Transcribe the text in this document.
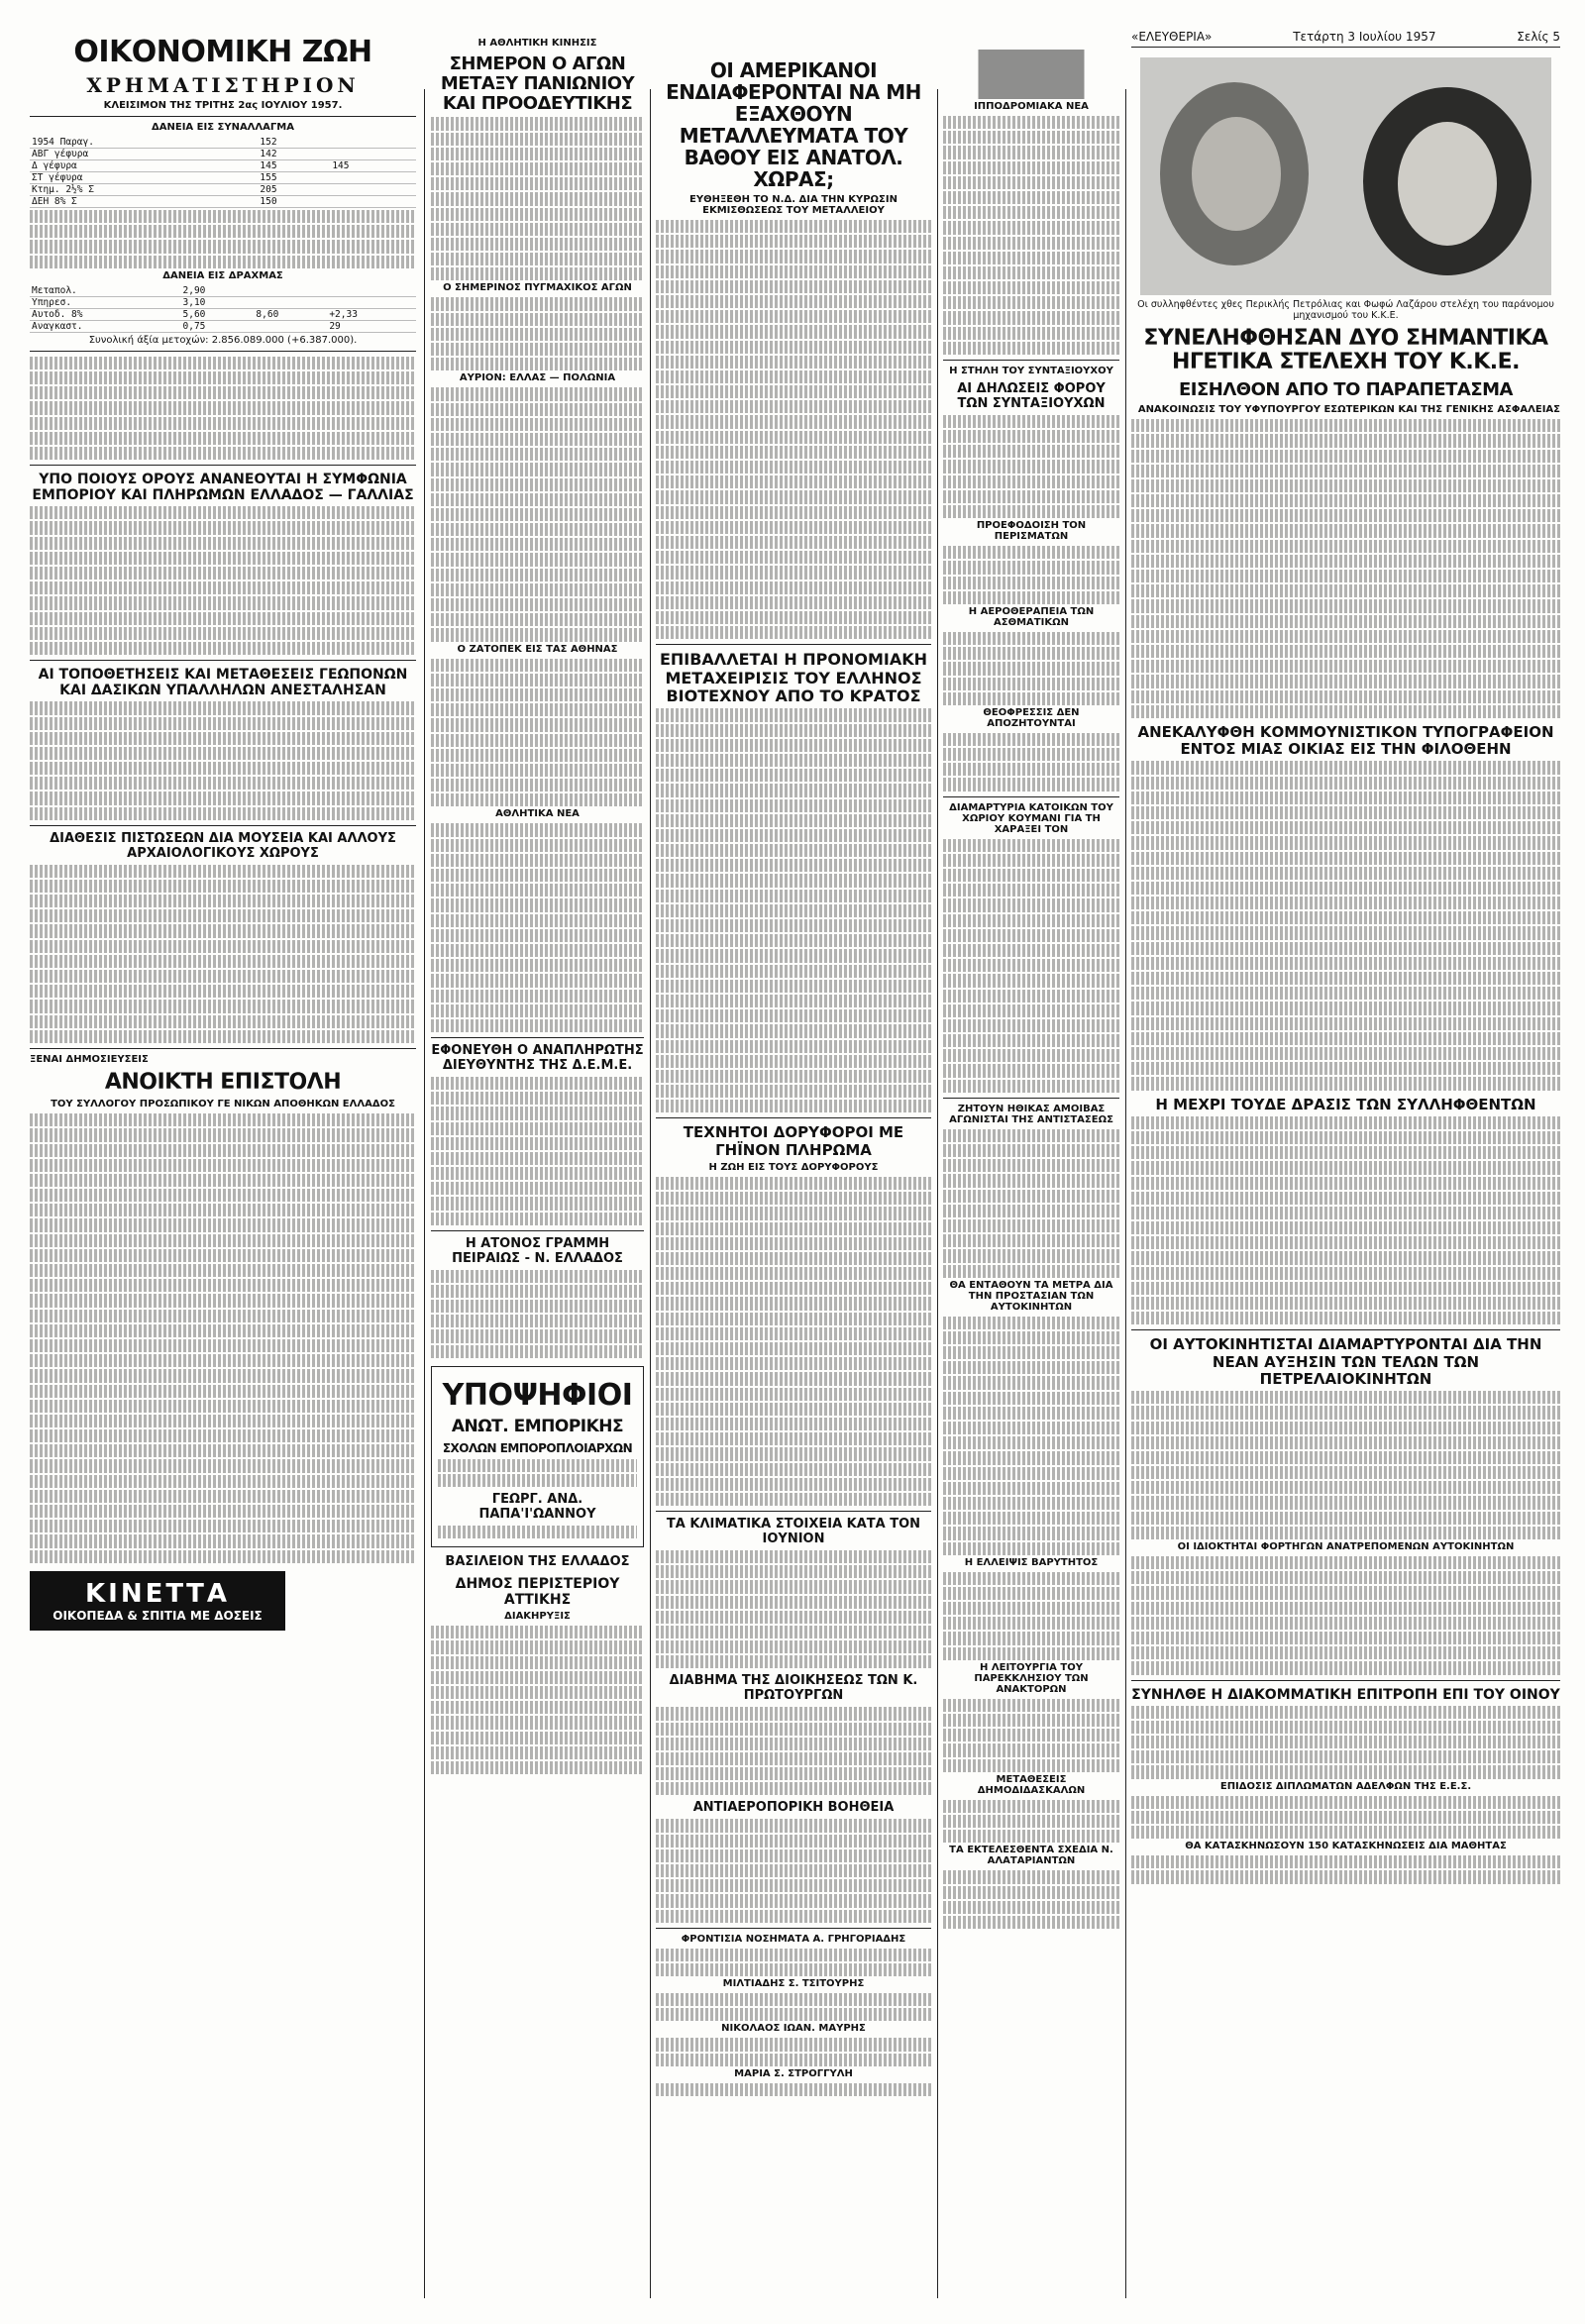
ΟΙΚΟΝΟΜΙΚΗ ΖΩΗ
ΧΡΗΜΑΤΙΣΤΗΡΙΟΝ
ΚΛΕΙΣΙΜΟΝ ΤΗΣ ΤΡΙΤΗΣ 2ας ΙΟΥΛΙΟΥ 1957.
ΔΑΝΕΙΑ ΕΙΣ ΣΥΝΑΛΛΑΓΜΑ
1954 Παραγ.	152		
ΑΒΓ γέφυρα	142		
Δ γέφυρα	145	145	
ΣΤ γέφυρα	155		
Κτημ. 2½% Σ	205		
ΔΕΗ 8% Σ	150		
ΔΑΝΕΙΑ ΕΙΣ ΔΡΑΧΜΑΣ
Μεταπολ.	2,90		
Υπηρεσ.	3,10		
Αυτοδ. 8%	5,60	8,60	+2,33
Αναγκαστ.	0,75		29
Συνολική άξία μετοχών: 2.856.089.000 (+6.387.000).
ΥΠΟ ΠΟΙΟΥΣ ΟΡΟΥΣ ΑΝΑΝΕΟΥΤΑΙ Η ΣΥΜΦΩΝΙΑ ΕΜΠΟΡΙΟΥ ΚΑΙ ΠΛΗΡΩΜΩΝ ΕΛΛΑΔΟΣ — ΓΑΛΛΙΑΣ
ΑΙ ΤΟΠΟΘΕΤΗΣΕΙΣ ΚΑΙ ΜΕΤΑΘΕΣΕΙΣ ΓΕΩΠΟΝΩΝ ΚΑΙ ΔΑΣΙΚΩΝ ΥΠΑΛΛΗΛΩΝ ΑΝΕΣΤΑΛΗΣΑΝ
ΔΙΑΘΕΣΙΣ ΠΙΣΤΩΣΕΩΝ ΔΙΑ ΜΟΥΣΕΙΑ ΚΑΙ ΑΛΛΟΥΣ ΑΡΧΑΙΟΛΟΓΙΚΟΥΣ ΧΩΡΟΥΣ
ΞΕΝΑΙ ΔΗΜΟΣΙΕΥΣΕΙΣ
ΑΝΟΙΚΤΗ ΕΠΙΣΤΟΛΗ
ΤΟΥ ΣΥΛΛΟΓΟΥ ΠΡΟΣΩΠΙΚΟΥ ΓΕ ΝΙΚΩΝ ΑΠΟΘΗΚΩΝ ΕΛΛΑΔΟΣ
ΚΙΝΕΤΤΑ
ΟΙΚΟΠΕΔΑ & ΣΠΙΤΙΑ ΜΕ ΔΟΣΕΙΣ
Η ΑΘΛΗΤΙΚΗ ΚΙΝΗΣΙΣ
ΣΗΜΕΡΟΝ Ο ΑΓΩΝ ΜΕΤΑΞΥ ΠΑΝΙΩΝΙΟΥ ΚΑΙ ΠΡΟΟΔΕΥΤΙΚΗΣ
Ο ΣΗΜΕΡΙΝΟΣ ΠΥΓΜΑΧΙΚΟΣ ΑΓΩΝ
ΑΥΡΙΟΝ: ΕΛΛΑΣ — ΠΟΛΩΝΙΑ
Ο ΖΑΤΟΠΕΚ ΕΙΣ ΤΑΣ ΑΘΗΝΑΣ
ΑΘΛΗΤΙΚΑ ΝΕΑ
ΕΦΟΝΕΥΘΗ Ο ΑΝΑΠΛΗΡΩΤΗΣ ΔΙΕΥΘΥΝΤΗΣ ΤΗΣ Δ.Ε.Μ.Ε.
Η ΑΤΟΝΟΣ ΓΡΑΜΜΗ ΠΕΙΡΑΙΩΣ - Ν. ΕΛΛΑΔΟΣ
ΥΠΟΨΗΦΙΟΙ
ΑΝΩΤ. ΕΜΠΟΡΙΚΗΣ
ΣΧΟΛΩΝ ΕΜΠΟΡΟΠΛΟΙΑΡΧΩΝ
ΓΕΩΡΓ. ΑΝΔ. ΠΑΠΑ'Ι'ΩΑΝΝΟΥ
ΒΑΣΙΛΕΙΟΝ ΤΗΣ ΕΛΛΑΔΟΣ
ΔΗΜΟΣ ΠΕΡΙΣΤΕΡΙΟΥ ΑΤΤΙΚΗΣ
ΔΙΑΚΗΡΥΞΙΣ
ΟΙ ΑΜΕΡΙΚΑΝΟΙ ΕΝΔΙΑΦΕΡΟΝΤΑΙ ΝΑ ΜΗ ΕΞΑΧΘΟΥΝ ΜΕΤΑΛΛΕΥΜΑΤΑ ΤΟΥ ΒΑΘΟΥ ΕΙΣ ΑΝΑΤΟΛ. ΧΩΡΑΣ;
ΕΥΘΗΞΕΘΗ ΤΟ Ν.Δ. ΔΙΑ ΤΗΝ ΚΥΡΩΣΙΝ ΕΚΜΙΣΘΩΣΕΩΣ ΤΟΥ ΜΕΤΑΛΛΕΙΟΥ
ΕΠΙΒΑΛΛΕΤΑΙ Η ΠΡΟΝΟΜΙΑΚΗ ΜΕΤΑΧΕΙΡΙΣΙΣ ΤΟΥ ΕΛΛΗΝΟΣ ΒΙΟΤΕΧΝΟΥ ΑΠΟ ΤΟ ΚΡΑΤΟΣ
ΤΕΧΝΗΤΟΙ ΔΟΡΥΦΟΡΟΙ ΜΕ ΓΗΪΝΟΝ ΠΛΗΡΩΜΑ
Η ΖΩΗ ΕΙΣ ΤΟΥΣ ΔΟΡΥΦΟΡΟΥΣ
ΤΑ ΚΛΙΜΑΤΙΚΑ ΣΤΟΙΧΕΙΑ ΚΑΤΑ ΤΟΝ ΙΟΥΝΙΟΝ
ΔΙΑΒΗΜΑ ΤΗΣ ΔΙΟΙΚΗΣΕΩΣ ΤΩΝ Κ. ΠΡΩΤΟΥΡΓΩΝ
ΑΝΤΙΑΕΡΟΠΟΡΙΚΗ ΒΟΗΘΕΙΑ
ΦΡΟΝΤΙΣΙΑ ΝΟΣΗΜΑΤΑ Α. ΓΡΗΓΟΡΙΑΔΗΣ
ΜΙΛΤΙΑΔΗΣ Σ. ΤΣΙΤΟΥΡΗΣ
ΝΙΚΟΛΑΟΣ ΙΩΑΝ. ΜΑΥΡΗΣ
ΜΑΡΙΑ Σ. ΣΤΡΟΓΓΥΛΗ
ΙΠΠΟΔΡΟΜΙΑΚΑ ΝΕΑ
Η ΣΤΗΛΗ ΤΟΥ ΣΥΝΤΑΞΙΟΥΧΟΥ
ΑΙ ΔΗΛΩΣΕΙΣ ΦΟΡΟΥ ΤΩΝ ΣΥΝΤΑΞΙΟΥΧΩΝ
ΠΡΟΕΦΟΔΟΙΣΗ ΤΟΝ ΠΕΡΙΣΜΑΤΩΝ
Η ΑΕΡΟΘΕΡΑΠΕΙΑ ΤΩΝ ΑΣΘΜΑΤΙΚΩΝ
ΘΕΟΦΡΕΣΣΙΣ ΔΕΝ ΑΠΟΖΗΤΟΥΝΤΑΙ
ΔΙΑΜΑΡΤΥΡΙΑ ΚΑΤΟΙΚΩΝ ΤΟΥ ΧΩΡΙΟΥ ΚΟΥΜΑΝΙ ΓΙΑ ΤΗ ΧΑΡΑΞΕΙ ΤΟΝ
ΖΗΤΟΥΝ ΗΘΙΚΑΣ ΑΜΟΙΒΑΣ ΑΓΩΝΙΣΤΑΙ ΤΗΣ ΑΝΤΙΣΤΑΣΕΩΣ
ΘΑ ΕΝΤΑΘΟΥΝ ΤΑ ΜΕΤΡΑ ΔΙΑ ΤΗΝ ΠΡΟΣΤΑΣΙΑΝ ΤΩΝ ΑΥΤΟΚΙΝΗΤΩΝ
Η ΕΛΛΕΙΨΙΣ ΒΑΡΥΤΗΤΟΣ
Η ΛΕΙΤΟΥΡΓΙΑ ΤΟΥ ΠΑΡΕΚΚΛΗΣΙΟΥ ΤΩΝ ΑΝΑΚΤΟΡΩΝ
ΜΕΤΑΘΕΣΕΙΣ ΔΗΜΟΔΙΔΑΣΚΑΛΩΝ
ΤΑ ΕΚΤΕΛΕΣΘΕΝΤΑ ΣΧΕΔΙΑ Ν. ΑΛΑΤΑΡΙΑΝΤΩΝ
«ΕΛΕΥΘΕΡΙΑ»	Τετάρτη 3 Ιουλίου 1957	Σελίς 5
Οι συλληφθέντες χθες Περικλής Πετρόλιας και Φωφώ Λαζάρου στελέχη του παράνομου μηχανισμού του Κ.Κ.Ε.
ΣΥΝΕΛΗΦΘΗΣΑΝ ΔΥΟ ΣΗΜΑΝΤΙΚΑ ΗΓΕΤΙΚΑ ΣΤΕΛΕΧΗ ΤΟΥ Κ.Κ.Ε.
ΕΙΣΗΛΘΟΝ ΑΠΟ ΤΟ ΠΑΡΑΠΕΤΑΣΜΑ
ΑΝΑΚΟΙΝΩΣΙΣ ΤΟΥ ΥΦΥΠΟΥΡΓΟΥ ΕΣΩΤΕΡΙΚΩΝ ΚΑΙ ΤΗΣ ΓΕΝΙΚΗΣ ΑΣΦΑΛΕΙΑΣ
ΑΝΕΚΑΛΥΦΘΗ ΚΟΜΜΟΥΝΙΣΤΙΚΟΝ ΤΥΠΟΓΡΑΦΕΙΟΝ ΕΝΤΟΣ ΜΙΑΣ ΟΙΚΙΑΣ ΕΙΣ ΤΗΝ ΦΙΛΟΘΕΗΝ
Η ΜΕΧΡΙ ΤΟΥΔΕ ΔΡΑΣΙΣ ΤΩΝ ΣΥΛΛΗΦΘΕΝΤΩΝ
ΟΙ ΑΥΤΟΚΙΝΗΤΙΣΤΑΙ ΔΙΑΜΑΡΤΥΡΟΝΤΑΙ ΔΙΑ ΤΗΝ ΝΕΑΝ ΑΥΞΗΣΙΝ ΤΩΝ ΤΕΛΩΝ ΤΩΝ ΠΕΤΡΕΛΑΙΟΚΙΝΗΤΩΝ
ΟΙ ΙΔΙΟΚΤΗΤΑΙ ΦΟΡΤΗΓΩΝ ΑΝΑΤΡΕΠΟΜΕΝΩΝ ΑΥΤΟΚΙΝΗΤΩΝ
ΣΥΝΗΛΘΕ Η ΔΙΑΚΟΜΜΑΤΙΚΗ ΕΠΙΤΡΟΠΗ ΕΠΙ ΤΟΥ ΟΙΝΟΥ
ΕΠΙΔΟΣΙΣ ΔΙΠΛΩΜΑΤΩΝ ΑΔΕΛΦΩΝ ΤΗΣ Ε.Ε.Σ.
ΘΑ ΚΑΤΑΣΚΗΝΩΣΟΥΝ 150 ΚΑΤΑΣΚΗΝΩΣΕΙΣ ΔΙΑ ΜΑΘΗΤΑΣ
